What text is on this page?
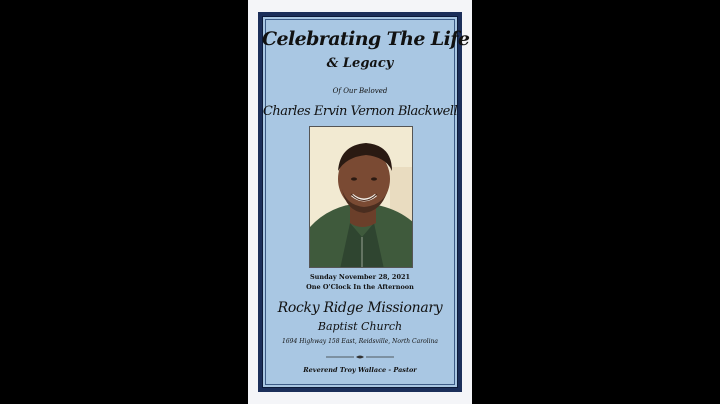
Celebrating The Life
& Legacy
Of Our Beloved
Charles Ervin Vernon Blackwell
Sunday November 28, 2021
One O'Clock In the Afternoon
Rocky Ridge Missionary
Baptist Church
1694 Highway 158 East, Reidsville, North Carolina
Reverend Troy Wallace - Pastor
